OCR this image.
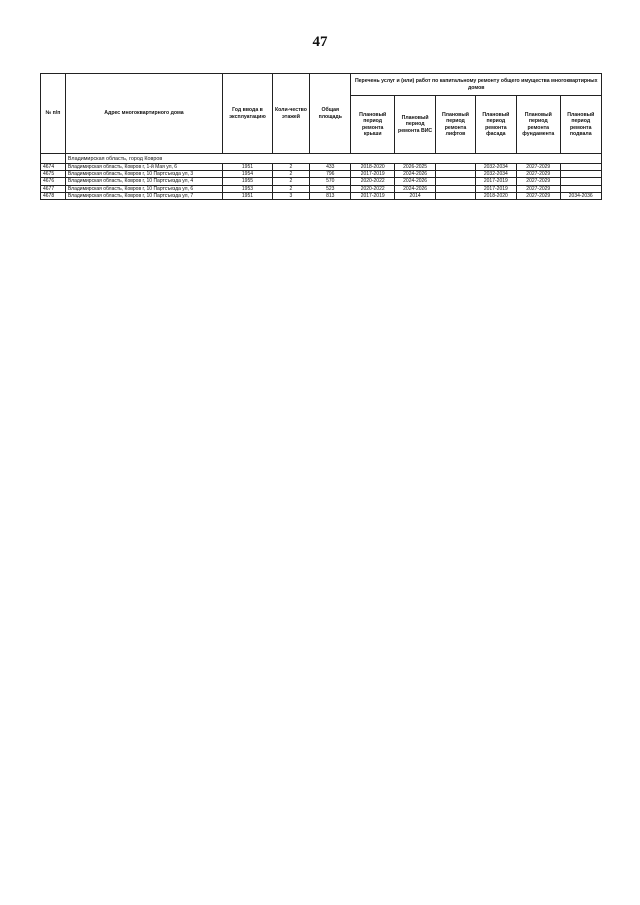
47
№ п/п	Адрес многоквартирного дома	Год ввода в эксплуатацию	Коли-чество этажей	Общая площадь	Перечень услуг и (или) работ по капитальному ремонту общего имущества многоквартирных домов					
					Плановый период ремонта крыши	Плановый период ремонта ВИС	Плановый период ремонта лифтов	Плановый период ремонта фасада	Плановый период ремонта фундамента	Плановый период ремонта подвала
	Владимирская область, город Ковров									
4674	Владимирская область, Ковров г, 1-й Мая ул, 6	1951	2	433	2018-2020	2026-2025		2032-2034	2027-2029	
4675	Владимирская область, Ковров г, 10 Партсъезда ул, 3	1954	2	796	2017-2019	2024-2026		2032-2034	2027-2029	
4676	Владимирская область, Ковров г, 10 Партсъезда ул, 4	1955	2	570	2020-2022	2024-2026		2017-2019	2027-2029	
4677	Владимирская область, Ковров г, 10 Партсъезда ул, 6	1953	2	523	2020-2022	2024-2026		2017-2019	2027-2029	
4678	Владимирская область, Ковров г, 10 Партсъезда ул, 7	1951	3	813	2017-2019	2014		2018-2020	2027-2029	2034-2036
